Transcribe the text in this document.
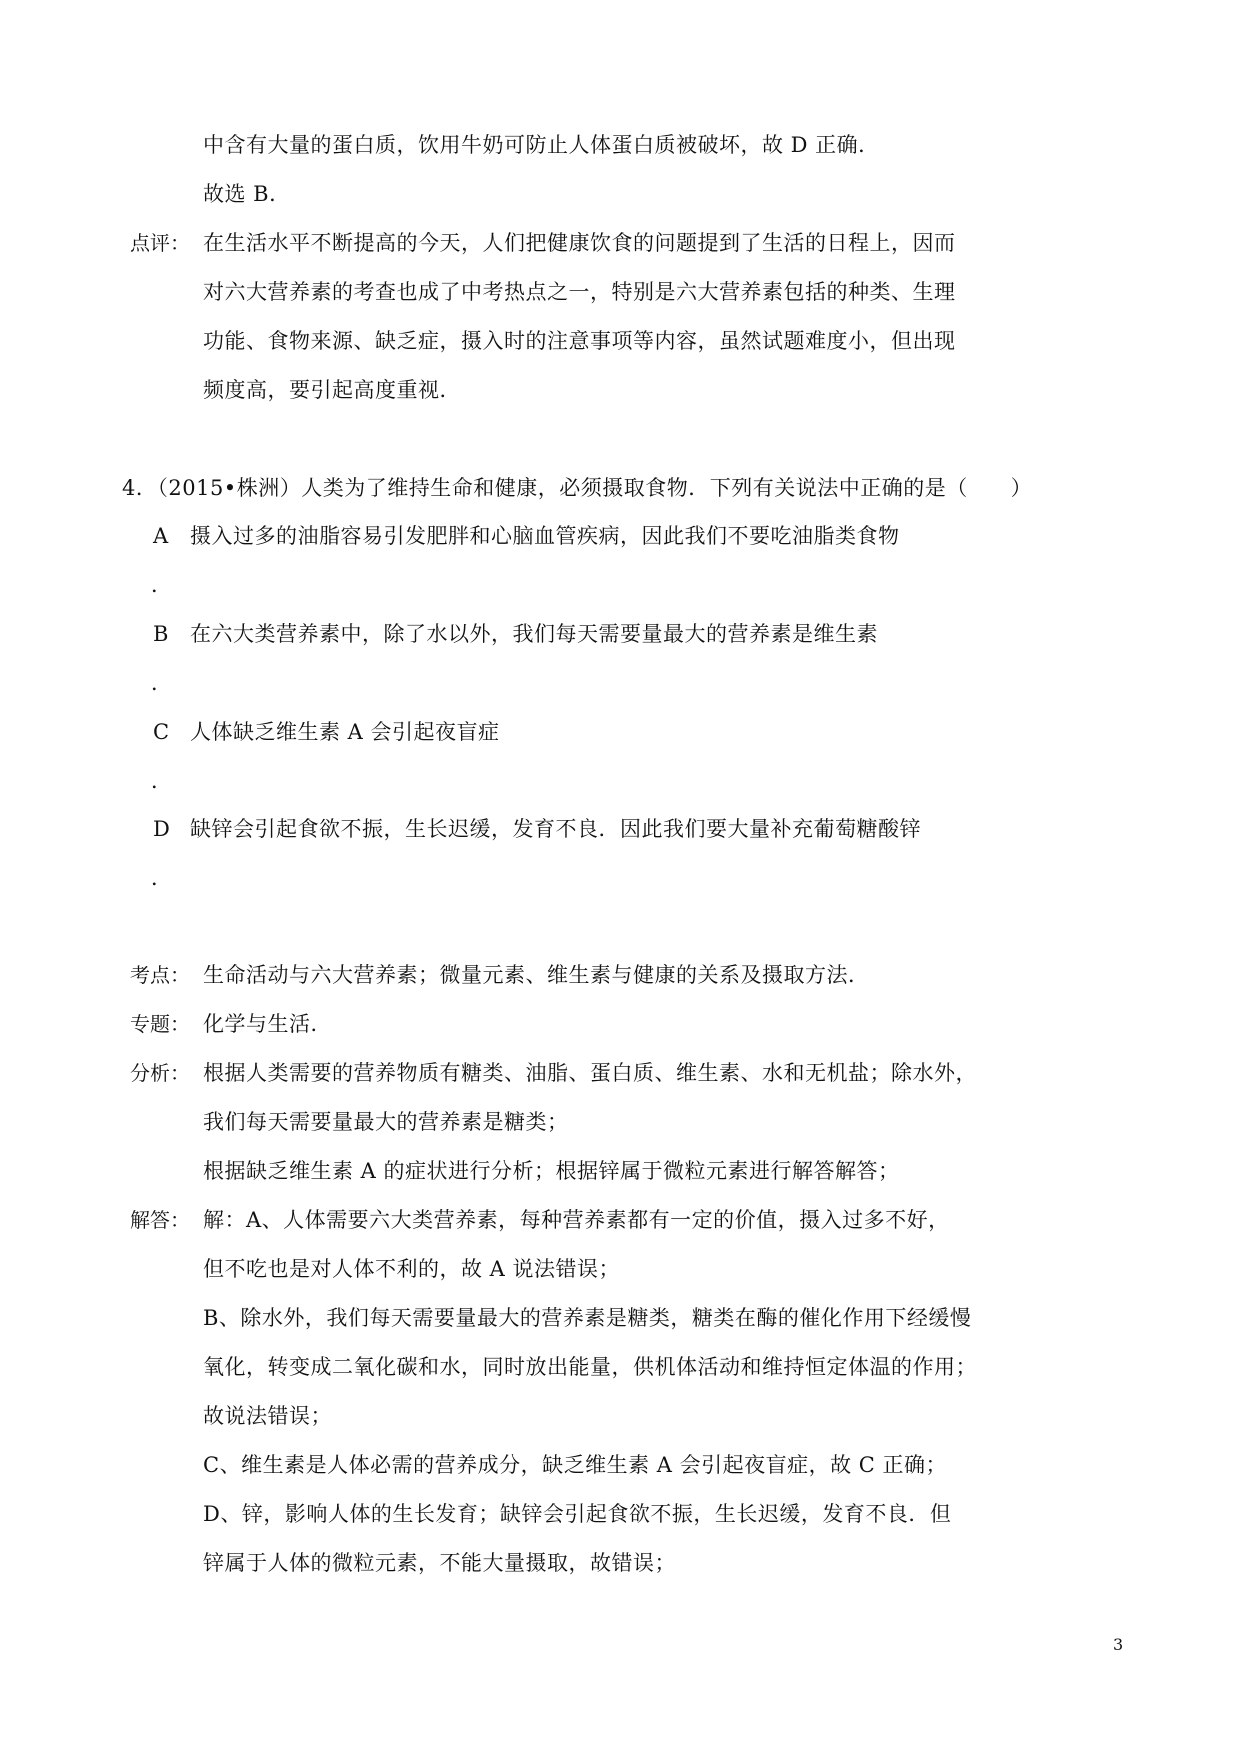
中含有大量的蛋白质，饮用牛奶可防止人体蛋白质被破坏，故 D 正确．
故选 B．
点评： 在生活水平不断提高的今天，人们把健康饮食的问题提到了生活的日程上，因而
对六大营养素的考查也成了中考热点之一，特别是六大营养素包括的种类、生理
功能、食物来源、缺乏症，摄入时的注意事项等内容，虽然试题难度小，但出现
频度高，要引起高度重视．
4．（2015•株洲）人类为了维持生命和健康，必须摄取食物．下列有关说法中正确的是（　　）
A 摄入过多的油脂容易引发肥胖和心脑血管疾病，因此我们不要吃油脂类食物
．
B 在六大类营养素中，除了水以外，我们每天需要量最大的营养素是维生素
．
C 人体缺乏维生素 A 会引起夜盲症
．
D 缺锌会引起食欲不振，生长迟缓，发育不良．因此我们要大量补充葡萄糖酸锌
．
考点： 生命活动与六大营养素；微量元素、维生素与健康的关系及摄取方法．
专题： 化学与生活．
分析： 根据人类需要的营养物质有糖类、油脂、蛋白质、维生素、水和无机盐；除水外，
我们每天需要量最大的营养素是糖类；
根据缺乏维生素 A 的症状进行分析；根据锌属于微粒元素进行解答解答；
解答： 解：A、人体需要六大类营养素，每种营养素都有一定的价值，摄入过多不好，
但不吃也是对人体不利的，故 A 说法错误；
B、除水外，我们每天需要量最大的营养素是糖类，糖类在酶的催化作用下经缓慢
氧化，转变成二氧化碳和水，同时放出能量，供机体活动和维持恒定体温的作用；
故说法错误；
C、维生素是人体必需的营养成分，缺乏维生素 A 会引起夜盲症，故 C 正确；
D、锌，影响人体的生长发育；缺锌会引起食欲不振，生长迟缓，发育不良．但
锌属于人体的微粒元素，不能大量摄取，故错误；
3
